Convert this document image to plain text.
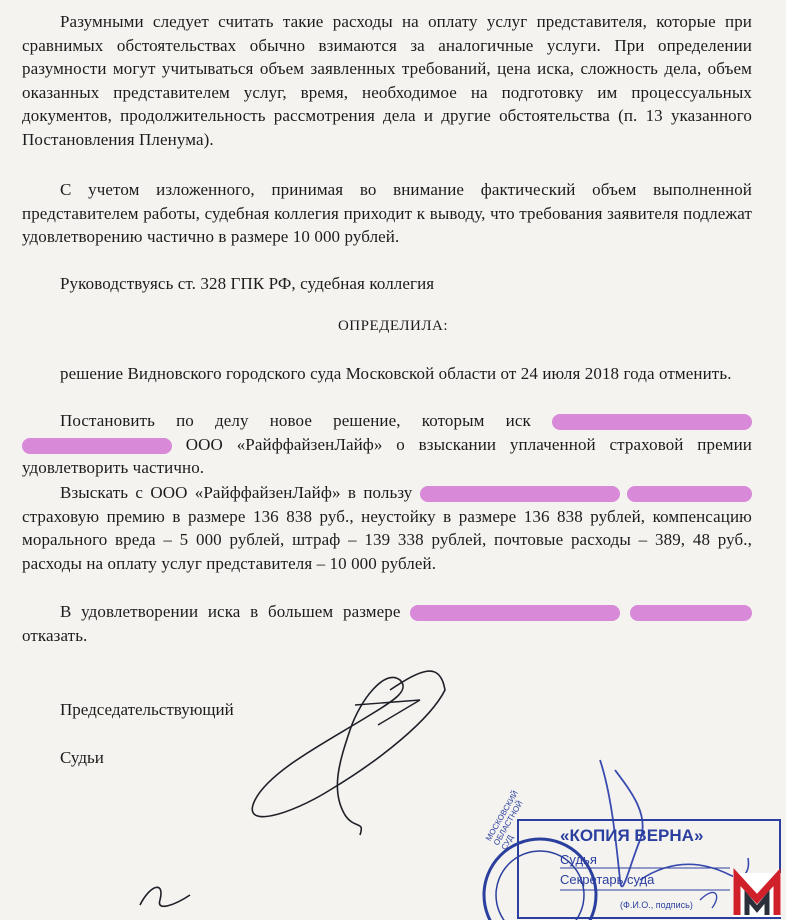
Разумными следует считать такие расходы на оплату услуг представителя, которые при сравнимых обстоятельствах обычно взимаются за аналогичные услуги. При определении разумности могут учитываться объем заявленных требований, цена иска, сложность дела, объем оказанных представителем услуг, время, необходимое на подготовку им процессуальных документов, продолжительность рассмотрения дела и другие обстоятельства (п. 13 указанного Постановления Пленума).
С учетом изложенного, принимая во внимание фактический объем выполненной представителем работы, судебная коллегия приходит к выводу, что требования заявителя подлежат удовлетворению частично в размере 10 000 рублей.
Руководствуясь ст. 328 ГПК РФ, судебная коллегия
ОПРЕДЕЛИЛА:
решение Видновского городского суда Московской области от 24 июля 2018 года отменить.
Постановить по делу новое решение, которым иск   ООО «РайффайзенЛайф» о взыскании уплаченной страховой премии удовлетворить частично.
Взыскать с ООО «РайффайзенЛайф» в пользу   страховую премию в размере 136 838 руб., неустойку в размере 136 838 рублей, компенсацию морального вреда – 5 000 рублей, штраф – 139 338 рублей, почтовые расходы – 389, 48 руб., расходы на оплату услуг представителя – 10 000 рублей.
В удовлетворении иска в большем размере   отказать.
Председательствующий
Судьи
«КОПИЯ ВЕРНА»
Судья
Секретарь суда
(Ф.И.О., подпись)
МОСКОВСКИЙ ОБЛАСТНОЙ СУД
